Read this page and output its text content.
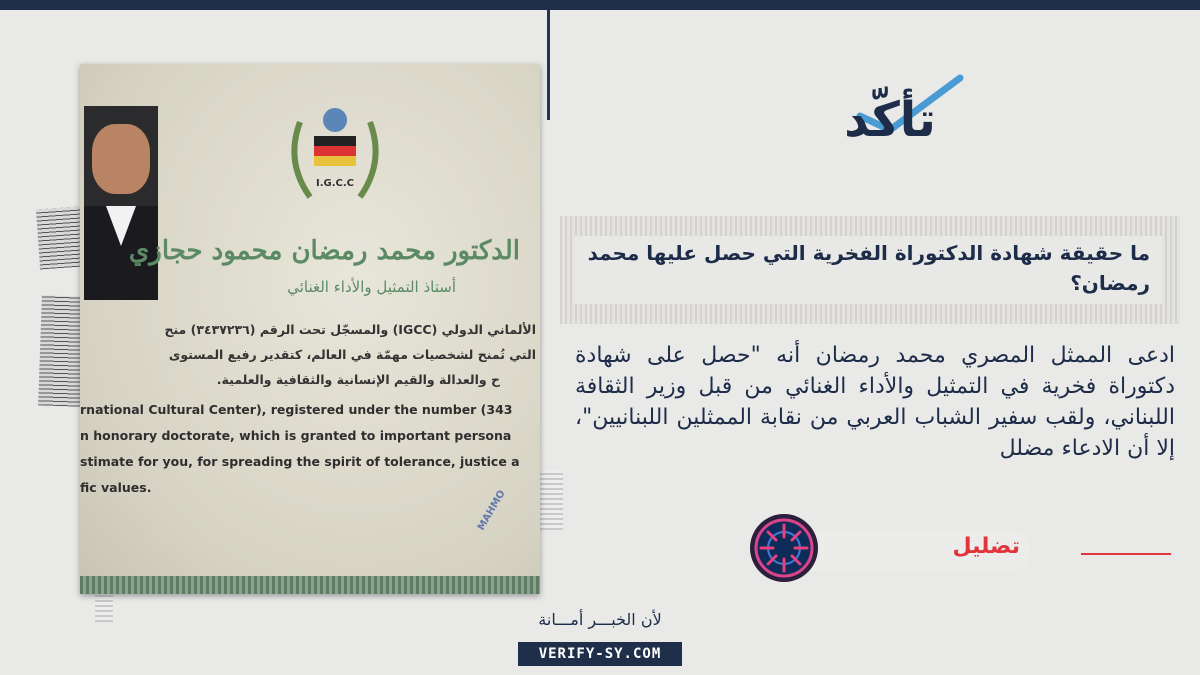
I.G.C.C
الدكتور محمد رمضان محمود حجازي
أستاذ التمثيل والأداء الغنائي
الألماني الدولي (IGCC) والمسجّل تحت الرقم (٣٤٣٧٢٣٦) منح
التي تُمنح لشخصيات مهمّة في العالم، كتقدير رفيع المستوى
ح والعدالة والقيم الإنسانية والثقافية والعلمية.
rnational Cultural Center), registered under the number (343
n honorary doctorate, which is granted to important persona
stimate for you, for spreading the spirit of tolerance, justice a
fic values.
MAHMO
تأكّد
ما حقيقة شهادة الدكتوراة الفخرية التي حصل عليها محمد رمضان؟
ادعى الممثل المصري محمد رمضان أنه "حصل على شهادة دكتوراة فخرية في التمثيل والأداء الغنائي من قبل وزير الثقافة اللبناني، ولقب سفير الشباب العربي من نقابة الممثلين اللبنانيين"، إلا أن الادعاء مضلل
تضليل
لأن الخبـــر أمـــانة
VERIFY-SY.COM
